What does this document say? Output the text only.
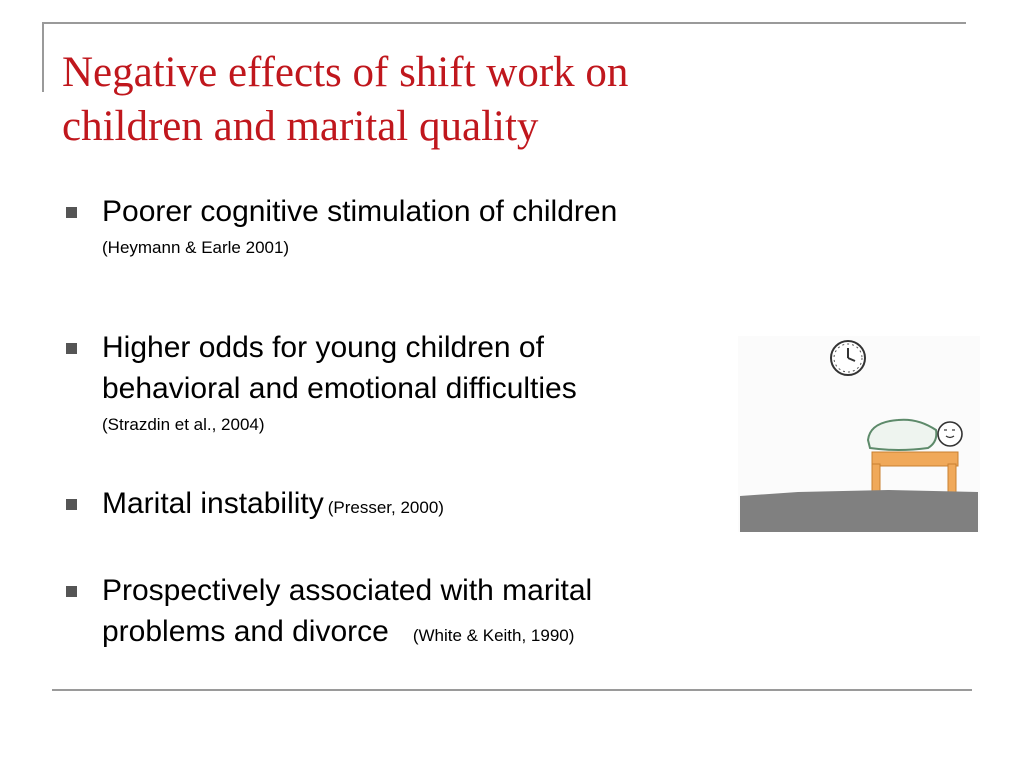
Negative effects of shift work on
children and marital quality
Poorer cognitive stimulation of children
(Heymann & Earle 2001)
Higher odds for young children of
behavioral and emotional difficulties
(Strazdin et al., 2004)
Marital instability (Presser, 2000)
Prospectively associated with marital
problems and divorce (White & Keith, 1990)
